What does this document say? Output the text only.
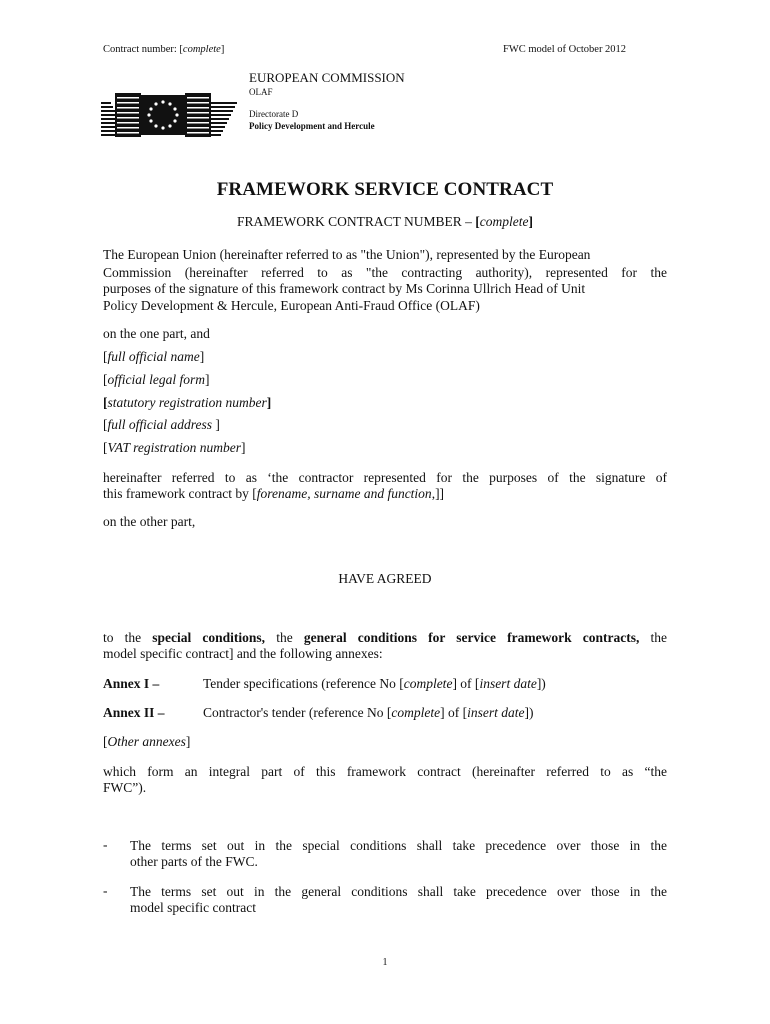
Contract number: [complete]	FWC model of October 2012
EUROPEAN COMMISSION
OLAF
Directorate D
Policy Development and Hercule
FRAMEWORK SERVICE CONTRACT
FRAMEWORK CONTRACT NUMBER – [complete]
The European Union (hereinafter referred to as "the Union"), represented by the European
Commission (hereinafter referred to as "the contracting authority), represented for the
purposes of the signature of this framework contract by Ms Corinna Ullrich Head of Unit
Policy Development & Hercule, European Anti-Fraud Office (OLAF)
on the one part, and
[full official name]
[official legal form]
[statutory registration number]
[full official address ]
[VAT registration number]
hereinafter referred to as ‘the contractor represented for the purposes of the signature of
this framework contract by [forename, surname and function,]]
on the other part,
HAVE AGREED
to the special conditions, the general conditions for service framework contracts, the
model specific contract] and the following annexes:
Annex I –	Tender specifications (reference No [complete] of [insert date])
Annex II –	Contractor's tender (reference No [complete] of [insert date])
[Other annexes]
which form an integral part of this framework contract (hereinafter referred to as “the
FWC”).
- The terms set out in the special conditions shall take precedence over those in the
other parts of the FWC.
- The terms set out in the general conditions shall take precedence over those in the
model specific contract
1
